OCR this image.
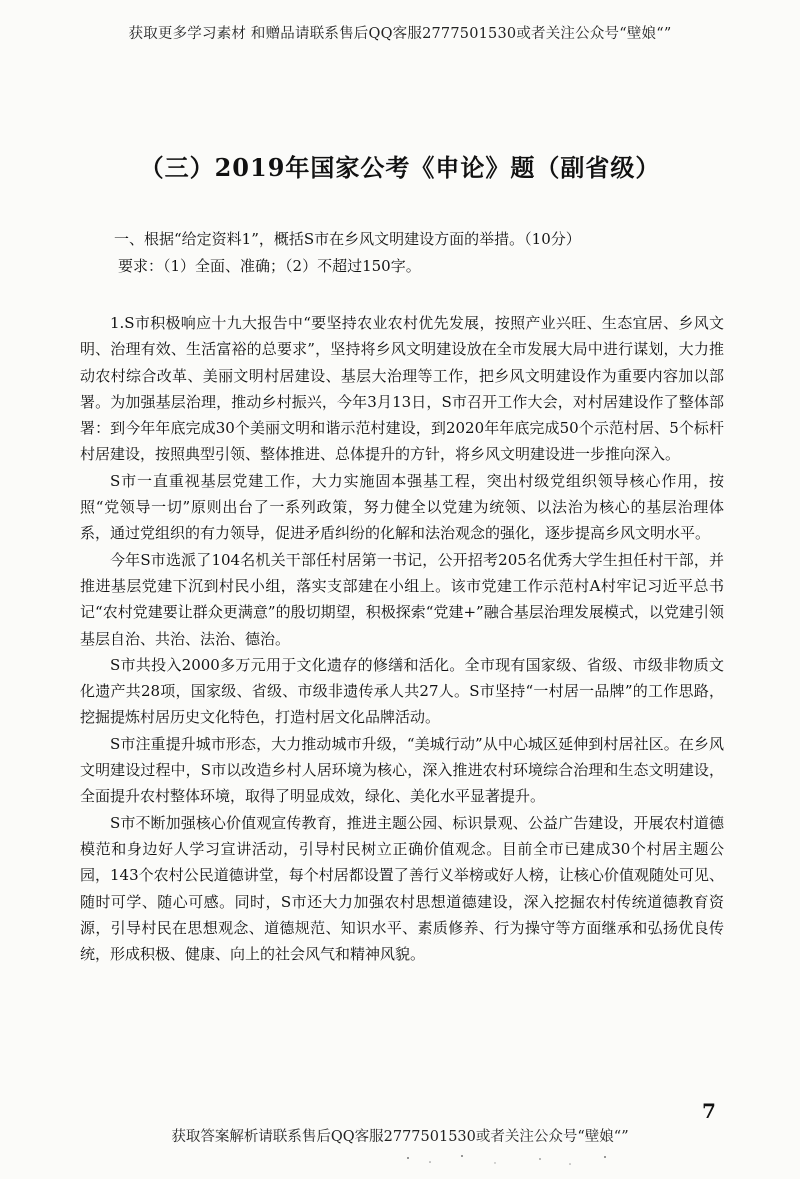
获取更多学习素材 和赠品请联系售后QQ客服2777501530或者关注公众号“壁娘“”
（三）2019年国家公考《申论》题（副省级）
一、根据“给定资料1”，概括S市在乡风文明建设方面的举措。（10分）
要求：（1）全面、准确；（2）不超过150字。

1.S市积极响应十九大报告中“要坚持农业农村优先发展，按照产业兴旺、生态宜居、乡风文明、治理有效、生活富裕的总要求”，坚持将乡风文明建设放在全市发展大局中进行谋划，大力推动农村综合改革、美丽文明村居建设、基层大治理等工作，把乡风文明建设作为重要内容加以部署。为加强基层治理，推动乡村振兴，今年3月13日，S市召开工作大会，对村居建设作了整体部署：到今年年底完成30个美丽文明和谐示范村建设，到2020年年底完成50个示范村居、5个标杆村居建设，按照典型引领、整体推进、总体提升的方针，将乡风文明建设进一步推向深入。

S市一直重视基层党建工作，大力实施固本强基工程，突出村级党组织领导核心作用，按照“党领导一切”原则出台了一系列政策，努力健全以党建为统领、以法治为核心的基层治理体系，通过党组织的有力领导，促进矛盾纠纷的化解和法治观念的强化，逐步提高乡风文明水平。

今年S市选派了104名机关干部任村居第一书记，公开招考205名优秀大学生担任村干部，并推进基层党建下沉到村民小组，落实支部建在小组上。该市党建工作示范村A村牢记习近平总书记“农村党建要让群众更满意”的殷切期望，积极探索“党建+”融合基层治理发展模式，以党建引领基层自治、共治、法治、德治。

S市共投入2000多万元用于文化遗存的修缮和活化。全市现有国家级、省级、市级非物质文化遗产共28项，国家级、省级、市级非遗传承人共27人。S市坚持“一村居一品牌”的工作思路，挖掘提炼村居历史文化特色，打造村居文化品牌活动。

S市注重提升城市形态，大力推动城市升级，“美城行动”从中心城区延伸到村居社区。在乡风文明建设过程中，S市以改造乡村人居环境为核心，深入推进农村环境综合治理和生态文明建设，全面提升农村整体环境，取得了明显成效，绿化、美化水平显著提升。

S市不断加强核心价值观宣传教育，推进主题公园、标识景观、公益广告建设，开展农村道德模范和身边好人学习宣讲活动，引导村民树立正确价值观念。目前全市已建成30个村居主题公园，143个农村公民道德讲堂，每个村居都设置了善行义举榜或好人榜，让核心价值观随处可见、随时可学、随心可感。同时，S市还大力加强农村思想道德建设，深入挖掘农村传统道德教育资源，引导村民在思想观念、道德规范、知识水平、素质修养、行为操守等方面继承和弘扬优良传统，形成积极、健康、向上的社会风气和精神风貌。

7
获取答案解析请联系售后QQ客服2777501530或者关注公众号“壁娘“”
